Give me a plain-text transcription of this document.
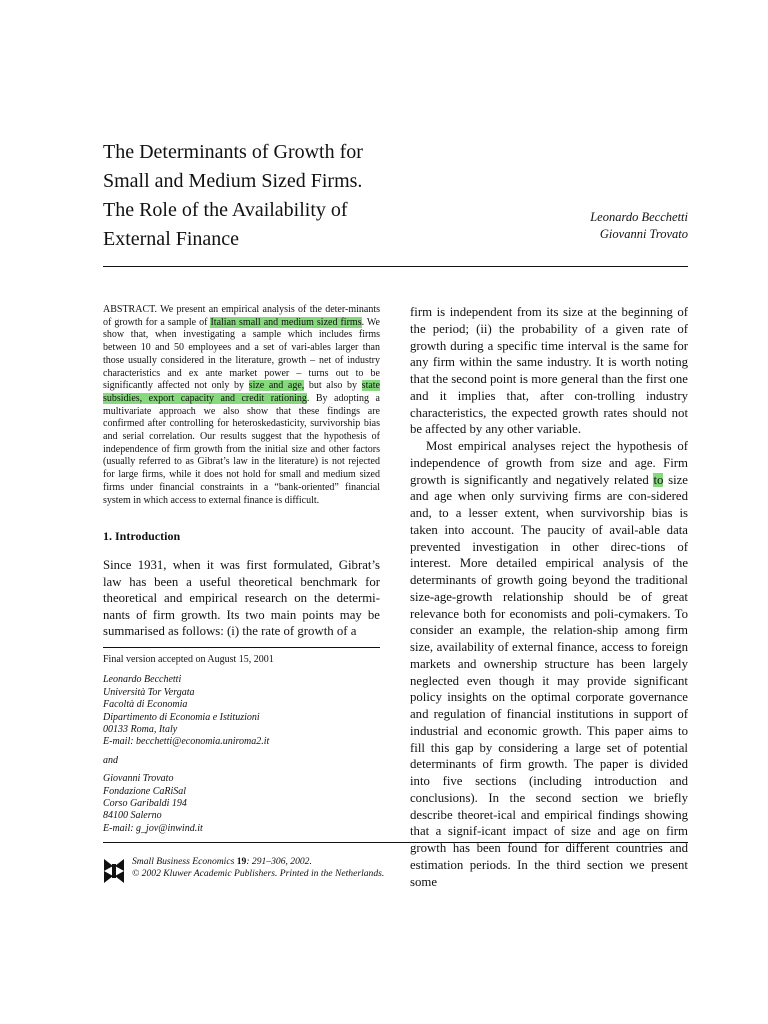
The Determinants of Growth for
Small and Medium Sized Firms.
The Role of the Availability of
External Finance
Leonardo Becchetti
Giovanni Trovato
ABSTRACT. We present an empirical analysis of the deter-minants of growth for a sample of Italian small and medium sized firms. We show that, when investigating a sample which includes firms between 10 and 50 employees and a set of vari-ables larger than those usually considered in the literature, growth – net of industry characteristics and ex ante market power – turns out to be significantly affected not only by size and age, but also by state subsidies, export capacity and credit rationing. By adopting a multivariate approach we also show that these findings are confirmed after controlling for heteroskedasticity, survivorship bias and serial correlation. Our results suggest that the hypothesis of independence of firm growth from the initial size and other factors (usually referred to as Gibrat’s law in the literature) is not rejected for large firms, while it does not hold for small and medium sized firms under financial constraints in a “bank-oriented” financial system in which access to external finance is difficult.
1. Introduction
Since 1931, when it was first formulated, Gibrat’s law has been a useful theoretical benchmark for theoretical and empirical research on the determi-nants of firm growth. Its two main points may be summarised as follows: (i) the rate of growth of a
Final version accepted on August 15, 2001
Leonardo Becchetti
Università Tor Vergata
Facoltà di Economia
Dipartimento di Economia e Istituzioni
00133 Roma, Italy
E-mail: becchetti@economia.uniroma2.it
and
Giovanni Trovato
Fondazione CaRiSal
Corso Garibaldi 194
84100 Salerno
E-mail: g_jov@inwind.it

firm is independent from its size at the beginning of the period; (ii) the probability of a given rate of growth during a specific time interval is the same for any firm within the same industry. It is worth noting that the second point is more general than the first one and it implies that, after con-trolling industry characteristics, the expected growth rates should not be affected by any other variable.

Most empirical analyses reject the hypothesis of independence of growth from size and age. Firm growth is significantly and negatively related to size and age when only surviving firms are con-sidered and, to a lesser extent, when survivorship bias is taken into account. The paucity of avail-able data prevented investigation in other direc-tions of interest. More detailed empirical analysis of the determinants of growth going beyond the traditional size-age-growth relationship should be of great relevance both for economists and poli-cymakers. To consider an example, the relation-ship among firm size, availability of external finance, access to foreign markets and ownership structure has been largely neglected even though it may provide significant policy insights on the optimal corporate governance and regulation of financial institutions in support of industrial and economic growth. This paper aims to fill this gap by considering a large set of potential determinants of firm growth. The paper is divided into five sections (including introduction and conclusions). In the second section we briefly describe theoret-ical and empirical findings showing that a signif-icant impact of size and age on firm growth has been found for different countries and estimation periods. In the third section we present some

Small Business Economics 19: 291–306, 2002.
© 2002 Kluwer Academic Publishers. Printed in the Netherlands.
